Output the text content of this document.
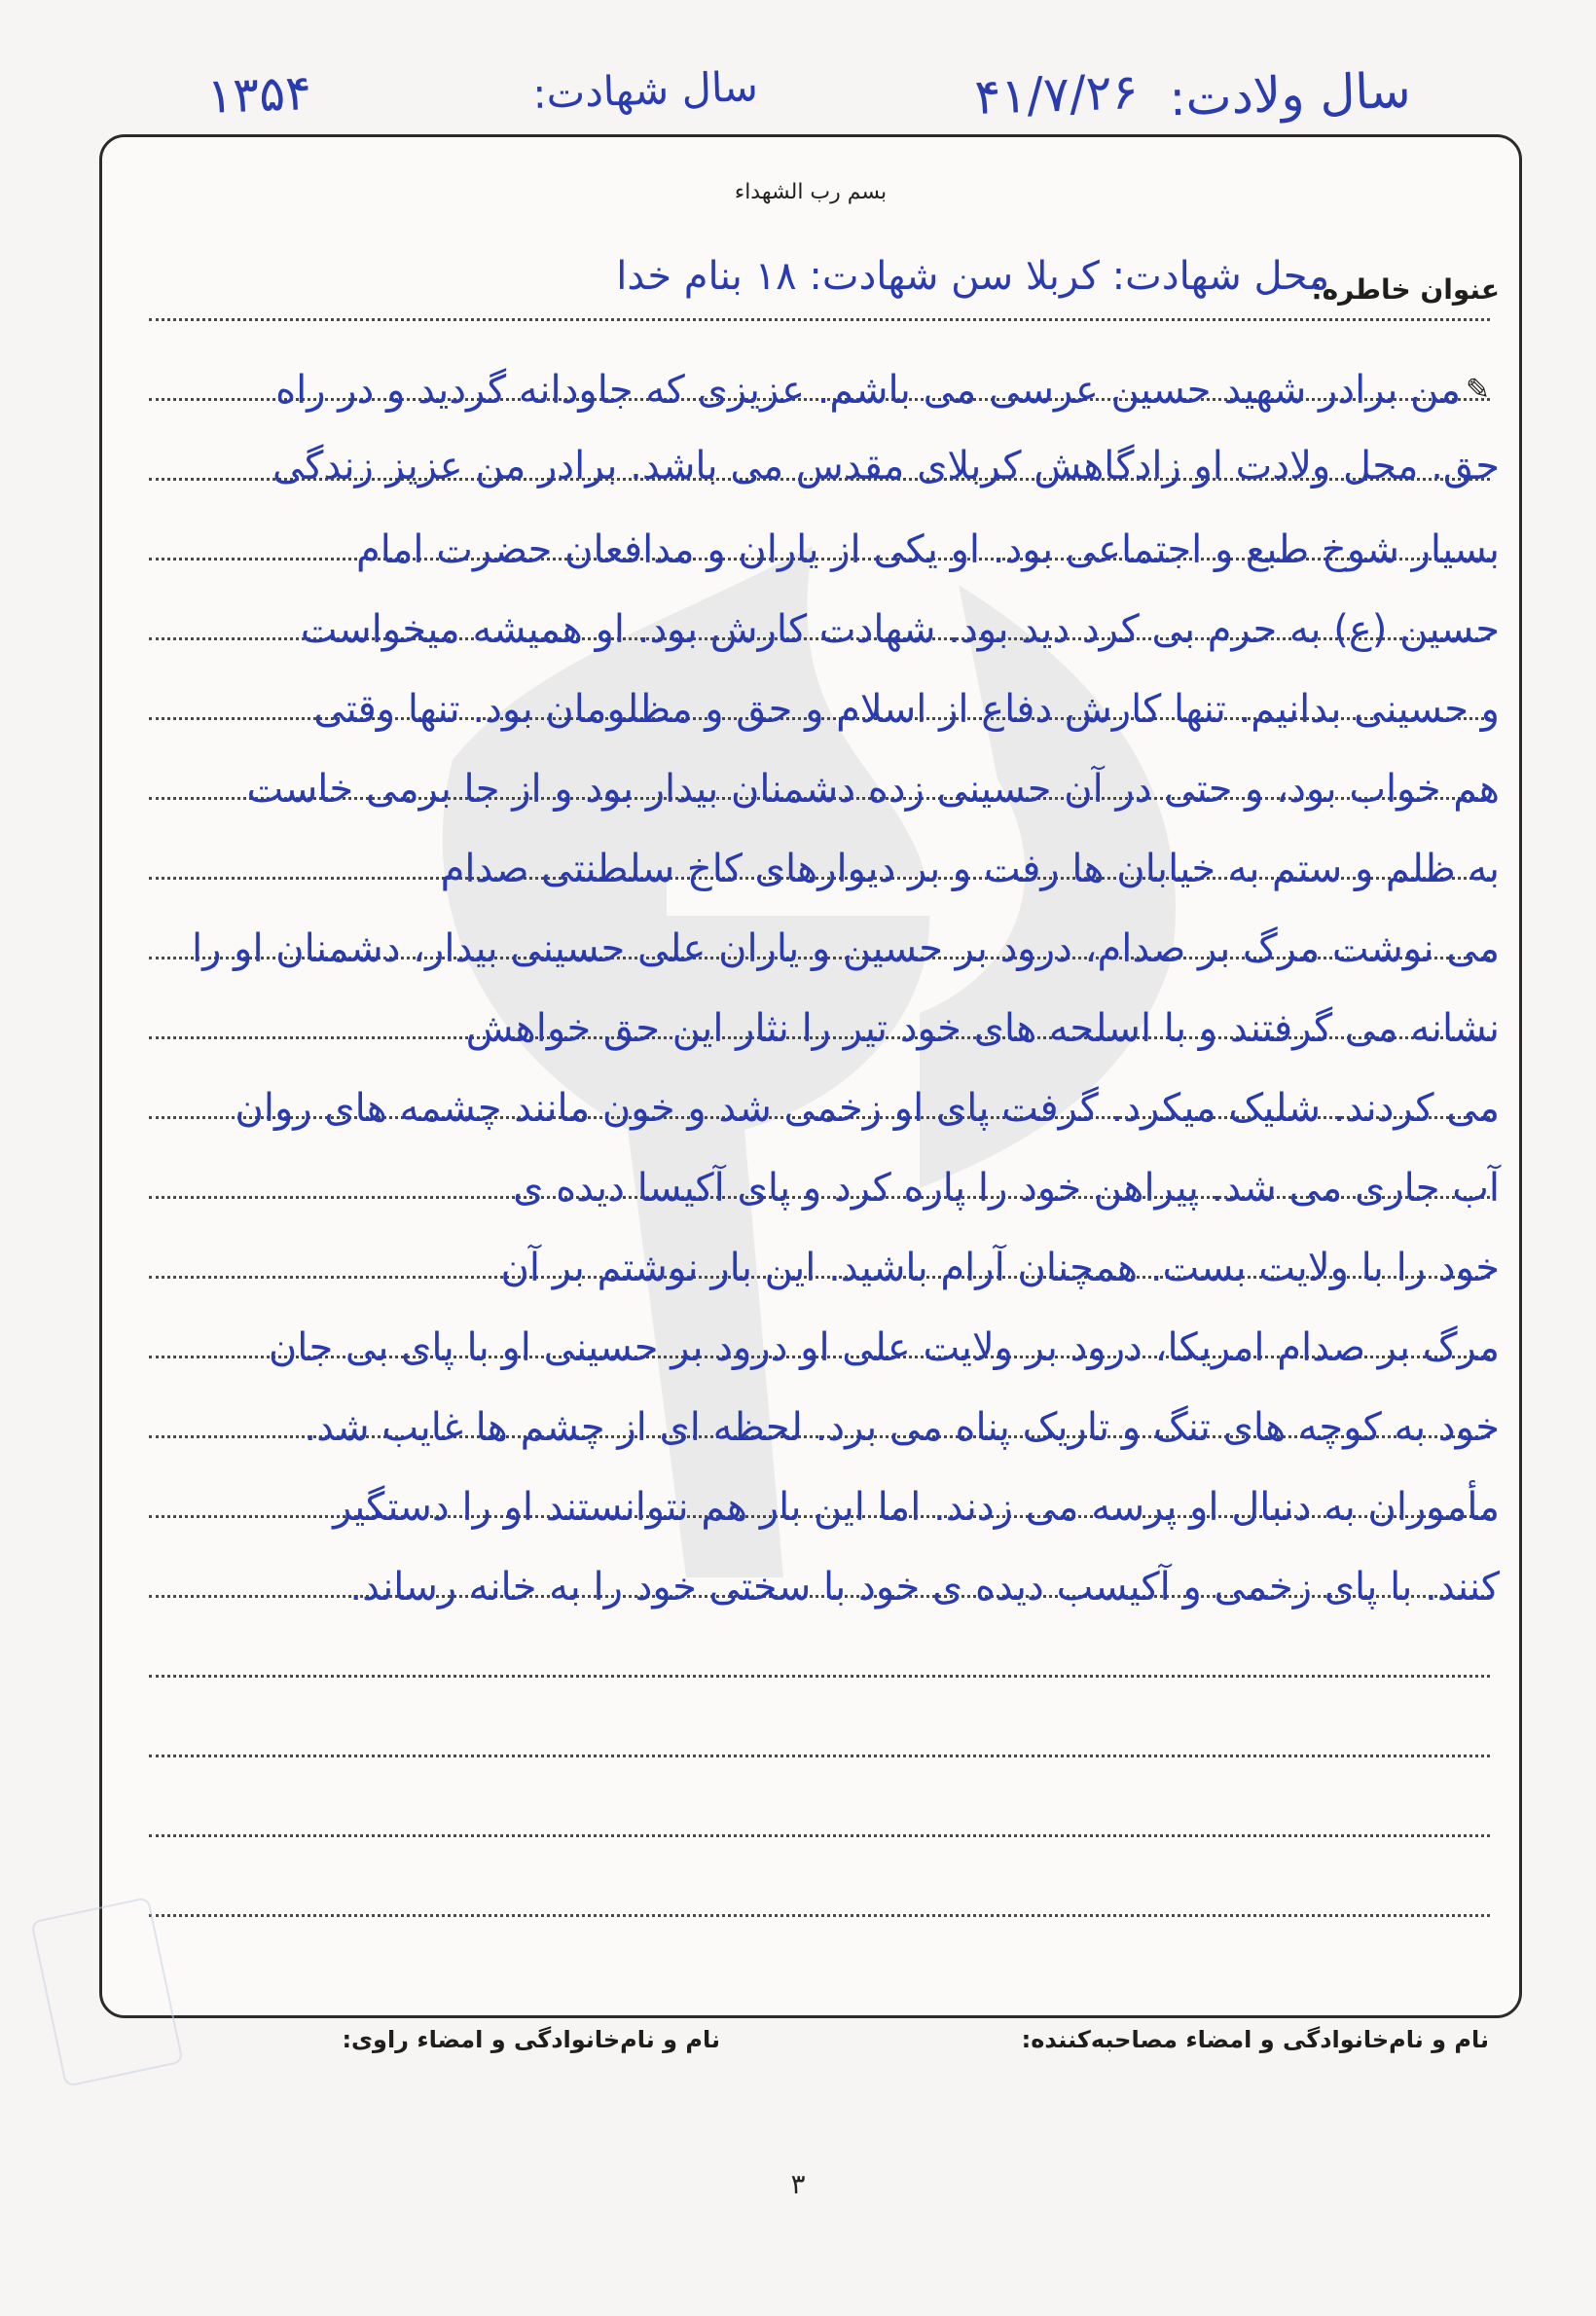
سال ولادت:
۴۱/۷/۲۶
سال شهادت:
۱۳۵۴
بسم رب الشهداء
عنوان خاطره:
محل شهادت: کربلا سن شهادت: ۱۸ بنام خدا
✎
من برادر شهید حسین عرسی می باشم. عزیزی که جاودانه گردید و در راه
حق. محل ولادت او زادگاهش کربلای مقدس می باشد. برادر من عزیز زندگی
بسیار شوخ طبع و اجتماعی بود. او یکی از یاران و مدافعان حضرت امام
حسین (ع) به حرم بی کرد دید بود. شهادت کارش بود. او همیشه میخواست
و حسینی بدانیم. تنها کارش دفاع از اسلام و حق و مظلومان بود. تنها وقتی
هم خواب بود، و حتی در آن حسینی زده دشمنان بیدار بود و از جا برمی خاست
به ظلم و ستم به خیابان ها رفت و بر دیوارهای کاخ سلطنتی صدام
می نوشت مرگ بر صدام، درود بر حسین و یاران علی حسینی بیدار، دشمنان او را
نشانه می گرفتند و با اسلحه های خود تیر را نثار این حق خواهش
می کردند. شلیک میکرد. گرفت پای او زخمی شد و خون مانند چشمه های روان
آب جاری می شد. پیراهن خود را پاره کرد و پای آکیسا دیده ی
خود را با ولایت بست. همچنان آرام باشید. این بار نوشتم بر آن
مرگ بر صدام امریکا، درود بر ولایت علی او درود بر حسینی او با پای بی جان
خود به کوچه های تنگ و تاریک پناه می برد. لحظه ای از چشم ها غایب شد.
مأموران به دنبال او پرسه می زدند. اما این بار هم نتوانستند او را دستگیر
کنند. با پای زخمی و آکیسب دیده ی خود با سختی خود را به خانه رساند.
نام و نام‌خانوادگی و امضاء مصاحبه‌کننده:
نام و نام‌خانوادگی و امضاء راوی:
۳
